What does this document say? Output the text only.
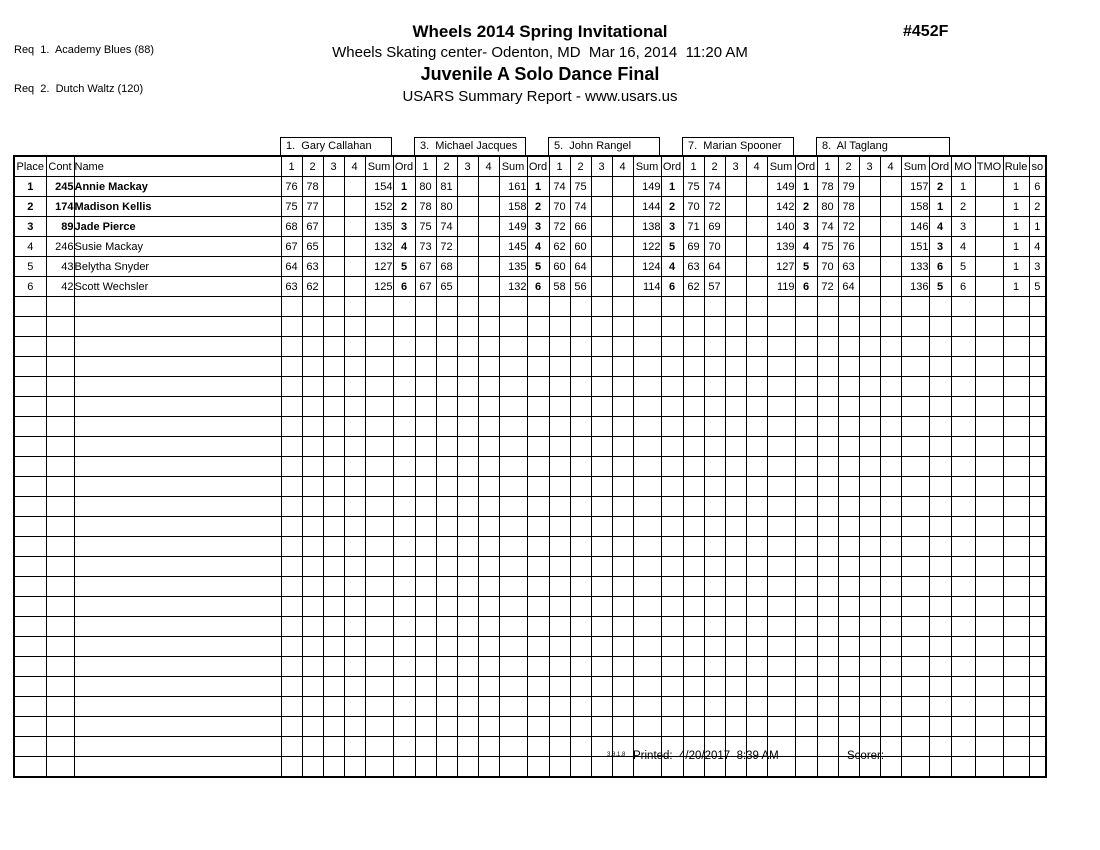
Req  1.  Academy Blues (88)

Req  2.  Dutch Waltz (120)

#452F
Wheels 2014 Spring Invitational
Wheels Skating center- Odenton, MD  Mar 16, 2014  11:20 AM
Juvenile A Solo Dance Final
USARS Summary Report - www.usars.us
1.  Gary Callahan	3.  Michael Jacques	5.  John Rangel	7.  Marian Spooner	8.  Al Taglang
Place	Cont	Name	1	2	3	4	Sum	Ord	1	2	3	4	Sum	Ord	1	2	3	4	Sum	Ord	1	2	3	4	Sum	Ord	1	2	3	4	Sum	Ord	MO	TMO	Rule	so
1	245	Annie Mackay	76	78			154	1	80	81			161	1	74	75			149	1	75	74			149	1	78	79			157	2	1		1	6
2	174	Madison Kellis	75	77			152	2	78	80			158	2	70	74			144	2	70	72			142	2	80	78			158	1	2		1	2
3	89	Jade Pierce	68	67			135	3	75	74			149	3	72	66			138	3	71	69			140	3	74	72			146	4	3		1	1
4	246	Susie Mackay	67	65			132	4	73	72			145	4	62	60			122	5	69	70			139	4	75	76			151	3	4		1	4
5	43	Belytha Snyder	64	63			127	5	67	68			135	5	60	64			124	4	63	64			127	5	70	63			133	6	5		1	3
6	42	Scott Wechsler	63	62			125	6	67	65			132	6	58	56			114	6	62	57			119	6	72	64			136	5	6		1	5

3.8.1.8 Printed:  4/20/2017  8:39 AM	Scorer:
